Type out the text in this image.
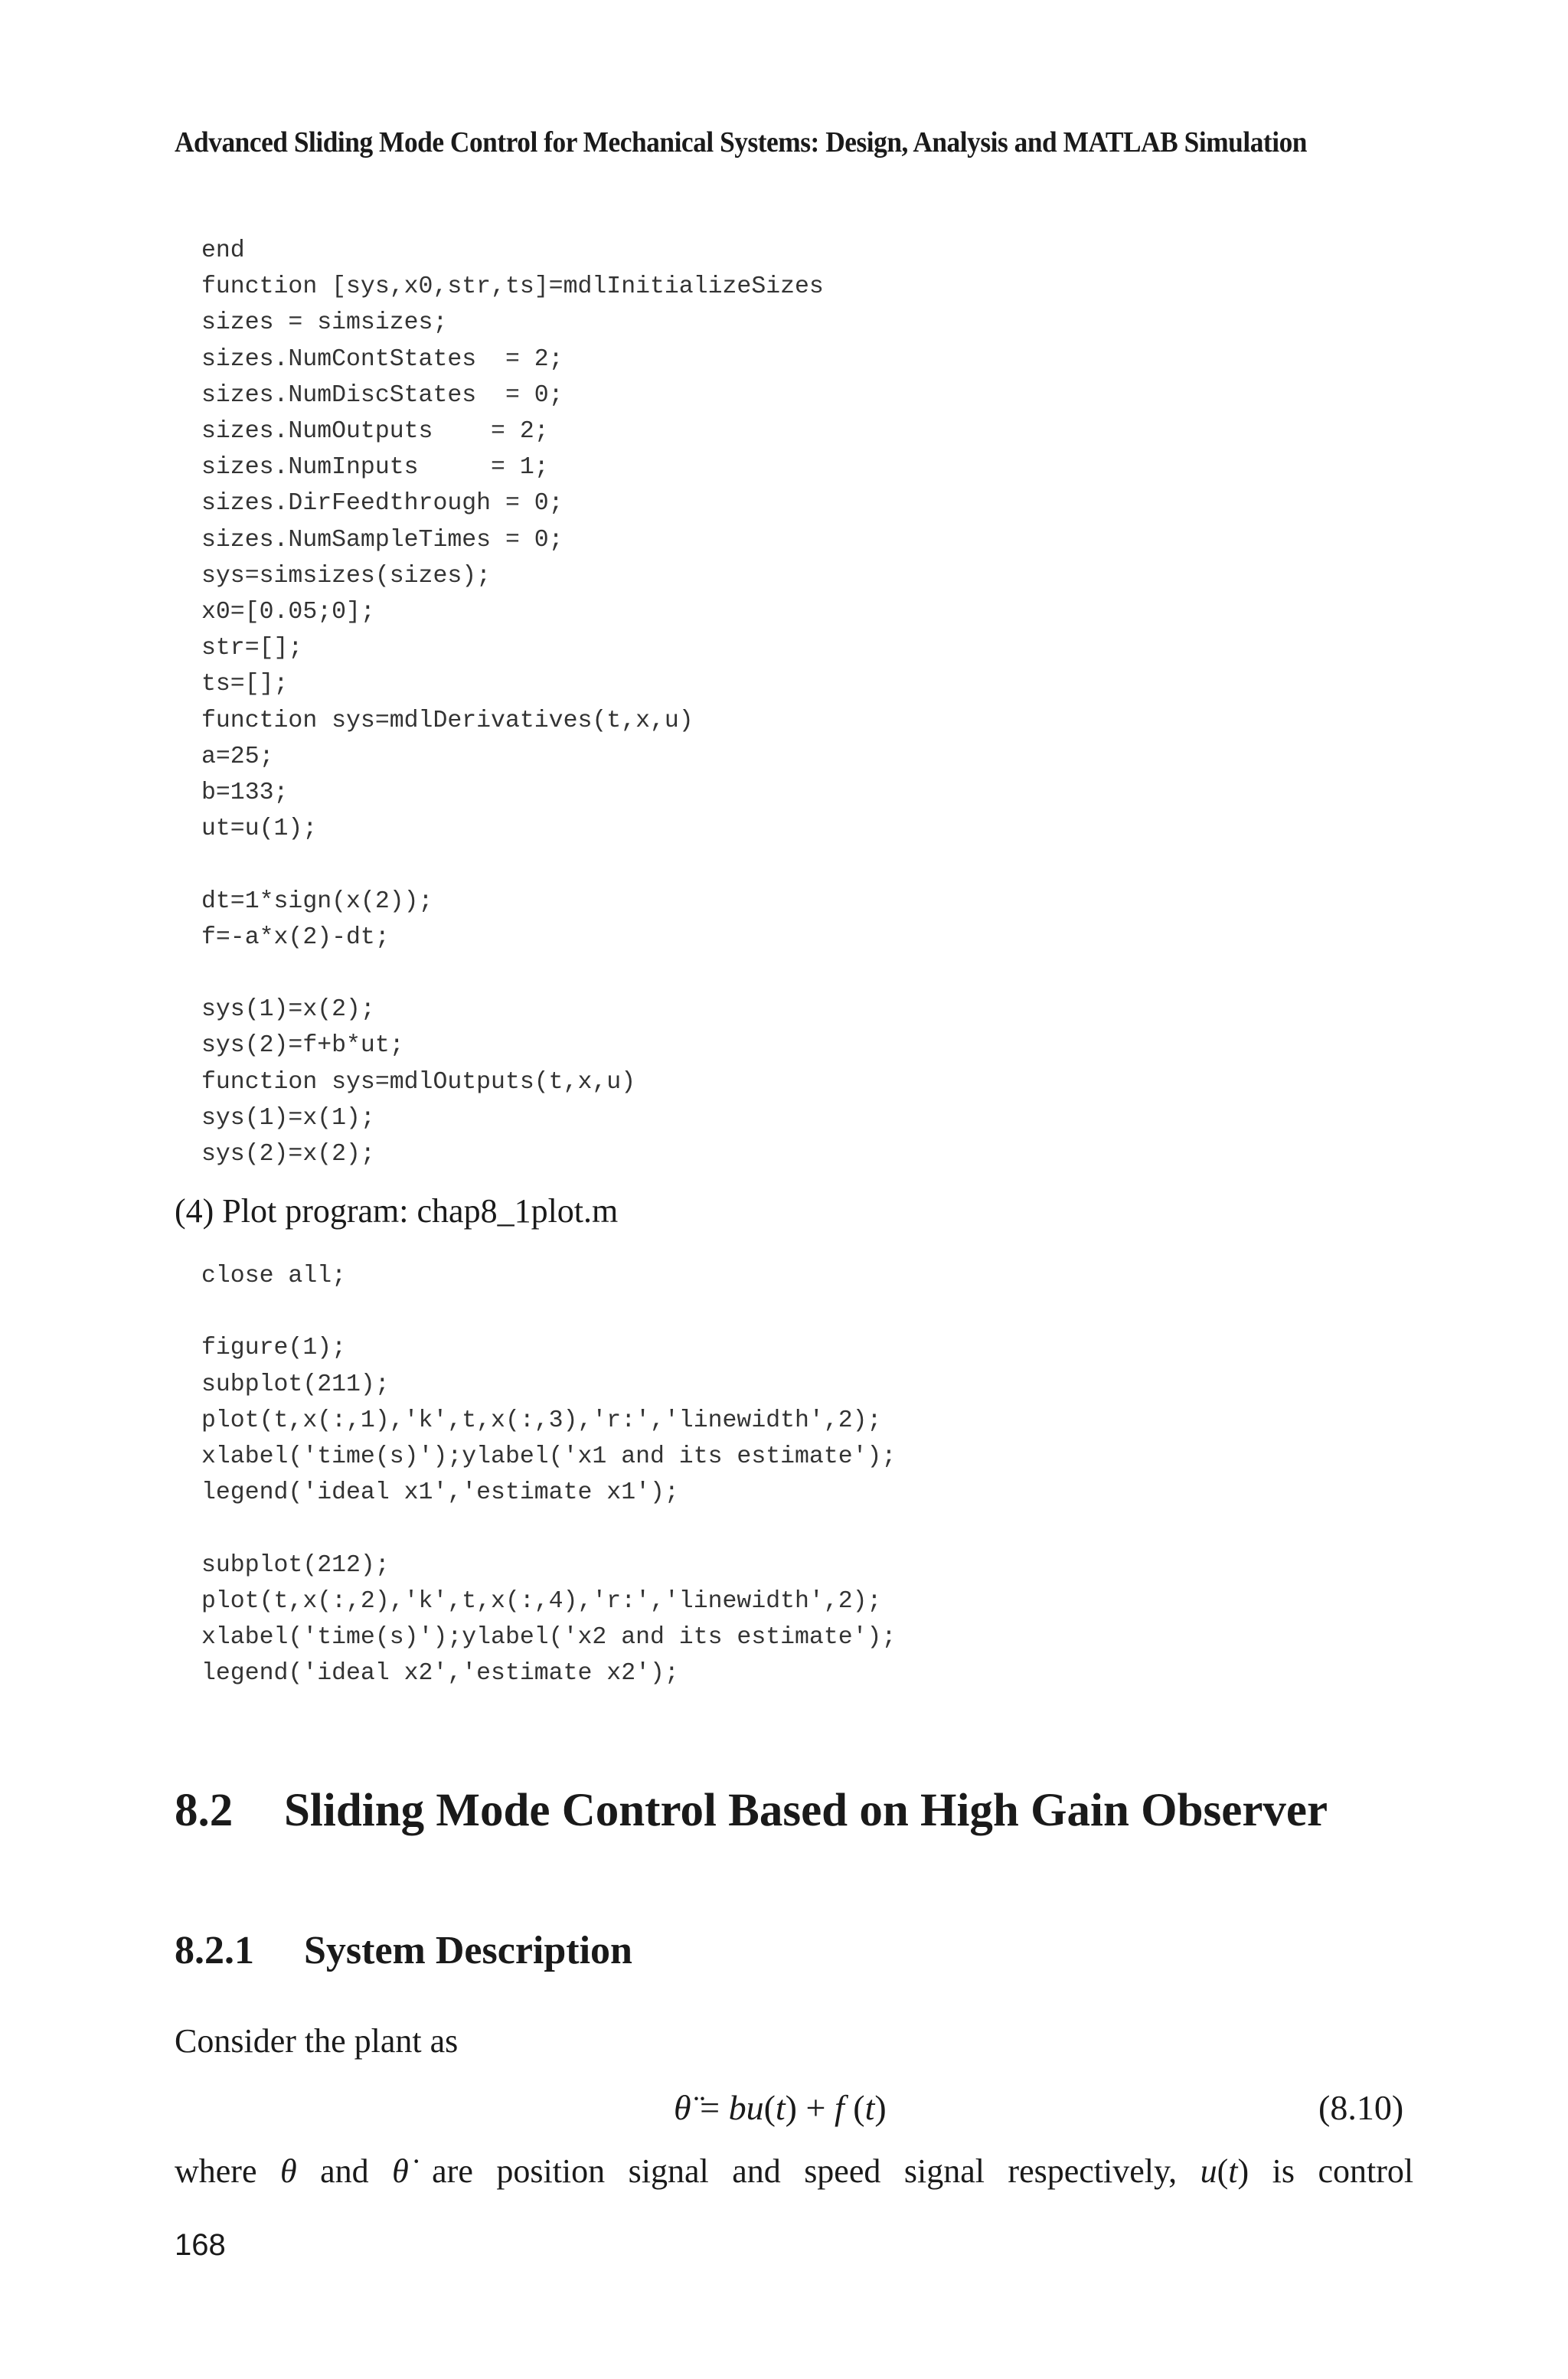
Advanced Sliding Mode Control for Mechanical Systems: Design, Analysis and MATLAB Simulation
end
function [sys,x0,str,ts]=mdlInitializeSizes
sizes = simsizes;
sizes.NumContStates  = 2;
sizes.NumDiscStates  = 0;
sizes.NumOutputs    = 2;
sizes.NumInputs     = 1;
sizes.DirFeedthrough = 0;
sizes.NumSampleTimes = 0;
sys=simsizes(sizes);
x0=[0.05;0];
str=[];
ts=[];
function sys=mdlDerivatives(t,x,u)
a=25;
b=133;
ut=u(1);

dt=1*sign(x(2));
f=-a*x(2)-dt;

sys(1)=x(2);
sys(2)=f+b*ut;
function sys=mdlOutputs(t,x,u)
sys(1)=x(1);
sys(2)=x(2);
(4) Plot program: chap8_1plot.m
close all;

figure(1);
subplot(211);
plot(t,x(:,1),'k',t,x(:,3),'r:','linewidth',2);
xlabel('time(s)');ylabel('x1 and its estimate');
legend('ideal x1','estimate x1');

subplot(212);
plot(t,x(:,2),'k',t,x(:,4),'r:','linewidth',2);
xlabel('time(s)');ylabel('x2 and its estimate');
legend('ideal x2','estimate x2');
8.2 Sliding Mode Control Based on High Gain Observer
8.2.1 System Description
Consider the plant as
θ̈ = bu(t) + f (t)	(8.10)
where θ and θ̇ are position signal and speed signal respectively, u(t) is control
168
